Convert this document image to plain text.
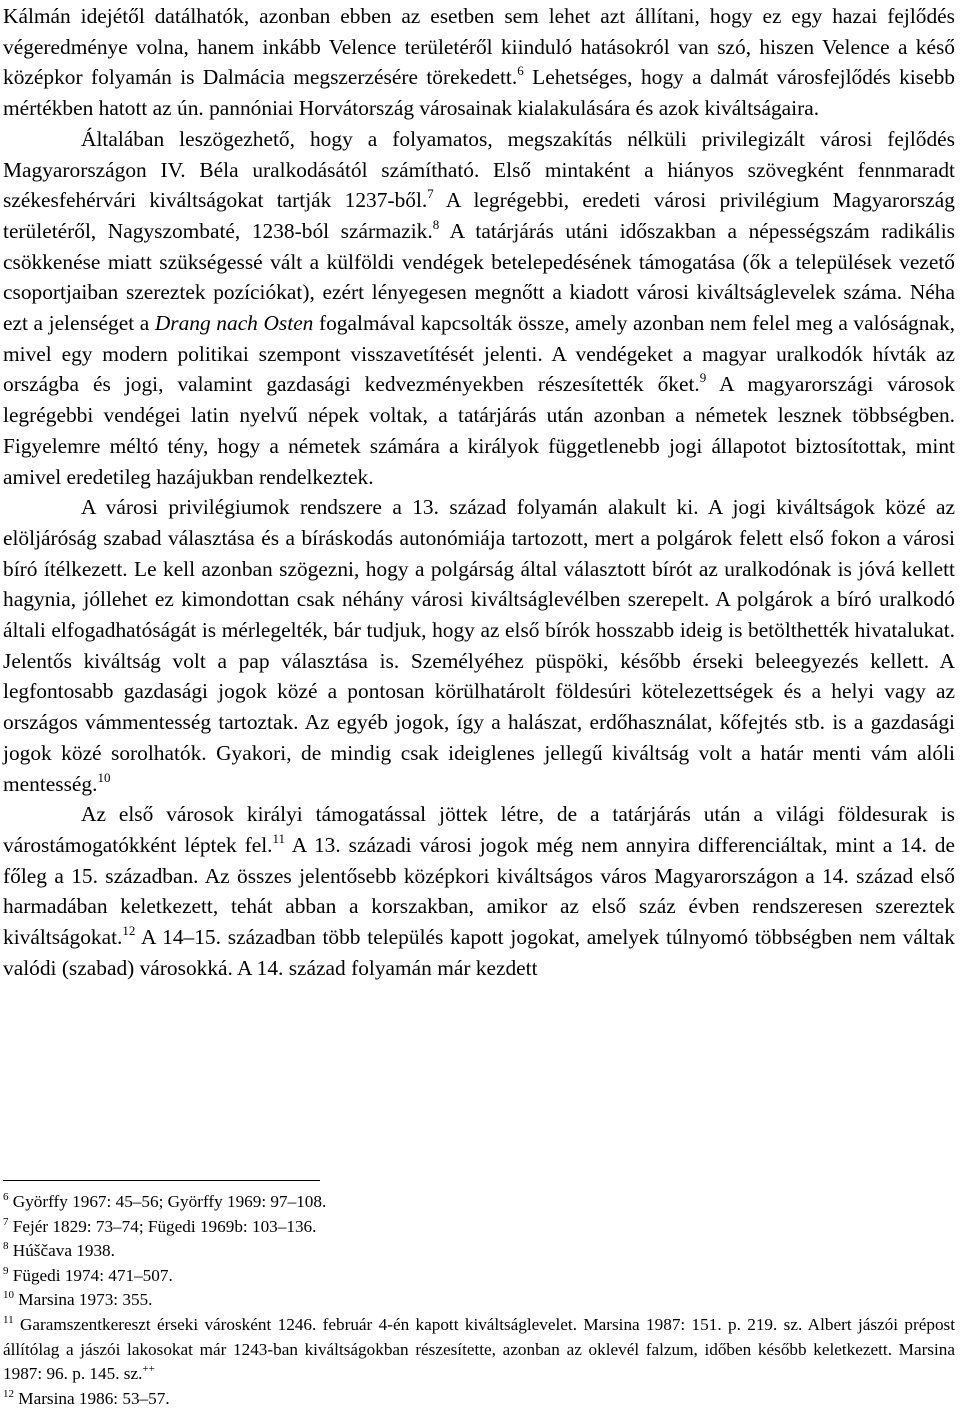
Kálmán idejétől datálhatók, azonban ebben az esetben sem lehet azt állítani, hogy ez egy hazai fejlődés végeredménye volna, hanem inkább Velence területéről kiinduló hatásokról van szó, hiszen Velence a késő középkor folyamán is Dalmácia megszerzésére törekedett.$^6$ Lehetséges, hogy a dalmát városfejlődés kisebb mértékben hatott az ún. pannóniai Horvátország városainak kialakulására és azok kiváltságaira.
Általában leszögezhető, hogy a folyamatos, megszakítás nélküli privilegizált városi fejlődés Magyarországon IV. Béla uralkodásától számítható. Első mintaként a hiányos szövegként fennmaradt székesfehérvári kiváltságokat tartják 1237-ből.$^7$ A legrégebbi, eredeti városi privilégium Magyarország területéről, Nagyszombaté, 1238-ból származik.$^8$ A tatárjárás utáni időszakban a népességszám radikális csökkenése miatt szükségessé vált a külföldi vendégek betelepedésének támogatása (ők a települések vezető csoportjaiban szereztek pozíciókat), ezért lényegesen megnőtt a kiadott városi kiváltságlevelek száma. Néha ezt a jelenséget a Drang nach Osten fogalmával kapcsolták össze, amely azonban nem felel meg a valóságnak, mivel egy modern politikai szempont visszavetítését jelenti. A vendégeket a magyar uralkodók hívták az országba és jogi, valamint gazdasági kedvezményekben részesítették őket.$^9$ A magyarországi városok legrégebbi vendégei latin nyelvű népek voltak, a tatárjárás után azonban a németek lesznek többségben. Figyelemre méltó tény, hogy a németek számára a királyok függetlenebb jogi állapotot biztosítottak, mint amivel eredetileg hazájukban rendelkeztek.
A városi privilégiumok rendszere a 13. század folyamán alakult ki. A jogi kiváltságok közé az elöljáróság szabad választása és a bíráskodás autonómiája tartozott, mert a polgárok felett első fokon a városi bíró ítélkezett. Le kell azonban szögezni, hogy a polgárság által választott bírót az uralkodónak is jóvá kellett hagynia, jóllehet ez kimondottan csak néhány városi kiváltságlevélben szerepelt. A polgárok a bíró uralkodó általi elfogadhatóságát is mérlegelték, bár tudjuk, hogy az első bírók hosszabb ideig is betölthették hivatalukat. Jelentős kiváltság volt a pap választása is. Személyéhez püspöki, később érseki beleegyezés kellett. A legfontosabb gazdasági jogok közé a pontosan körülhatárolt földesúri kötelezettségek és a helyi vagy az országos vámmentesség tartoztak. Az egyéb jogok, így a halászat, erdőhasználat, kőfejtés stb. is a gazdasági jogok közé sorolhatók. Gyakori, de mindig csak ideiglenes jellegű kiváltság volt a határ menti vám alóli mentesség.$^{10}$
Az első városok királyi támogatással jöttek létre, de a tatárjárás után a világi földesurak is várostámogatókként léptek fel.$^{11}$ A 13. századi városi jogok még nem annyira differenciáltak, mint a 14. de főleg a 15. században. Az összes jelentősebb középkori kiváltságos város Magyarországon a 14. század első harmadában keletkezett, tehát abban a korszakban, amikor az első száz évben rendszeresen szereztek kiváltságokat.$^{12}$ A 14–15. században több település kapott jogokat, amelyek túlnyomó többségben nem váltak valódi (szabad) városokká. A 14. század folyamán már kezdett
$^6$ Györffy 1967: 45–56; Györffy 1969: 97–108.
$^7$ Fejér 1829: 73–74; Fügedi 1969b: 103–136.
$^8$ Húščava 1938.
$^9$ Fügedi 1974: 471–507.
$^{10}$ Marsina 1973: 355.
$^{11}$ Garamszentkereszt érseki városként 1246. február 4-én kapott kiváltságlevelet. Marsina 1987: 151. p. 219. sz. Albert jászói prépost állítólag a jászói lakosokat már 1243-ban kiváltságokban részesítette, azonban az oklevél falzum, időben később keletkezett. Marsina 1987: 96. p. 145. sz.++
$^{12}$ Marsina 1986: 53–57.
